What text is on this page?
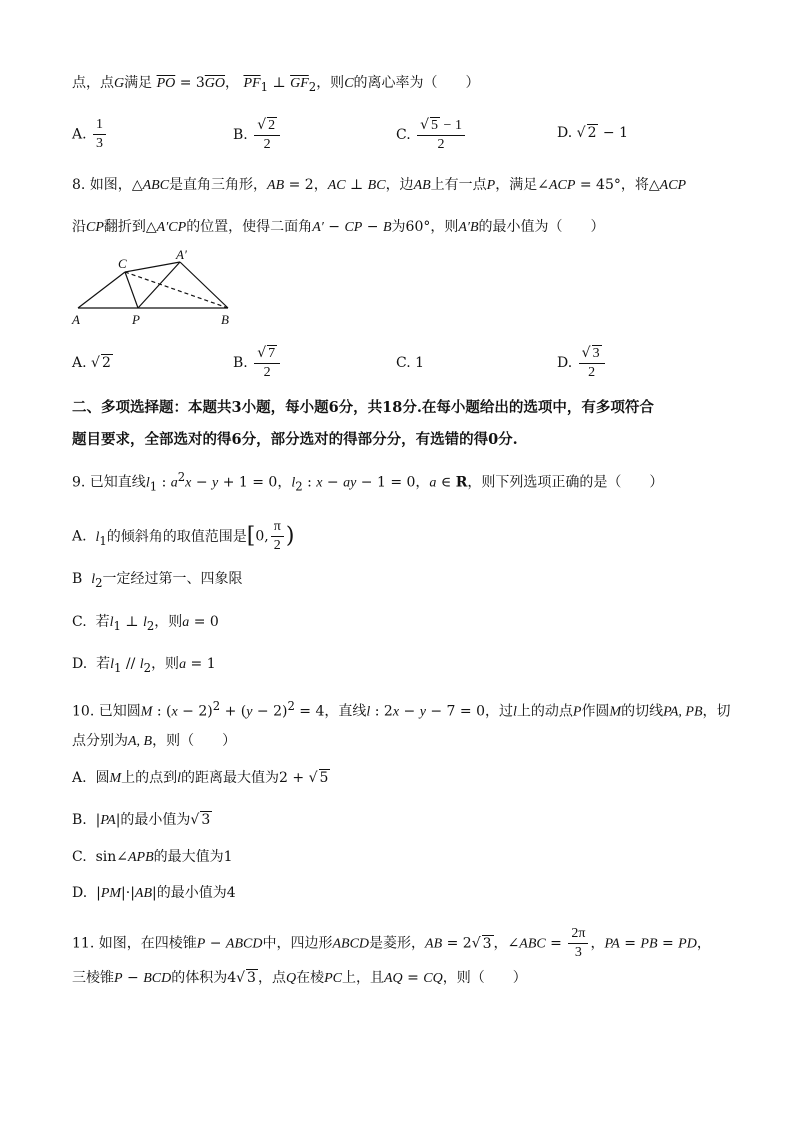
点，点G满足 $\overline{PO} = 3\overline{GO}$， $\overline{PF}_1$ ⊥ $\overline{GF}_2$，则C的离心率为（　　）
A. $\frac{1}{3}$	B. $\frac{√ 2}{2}$	C. $\frac{√ 5 - 1}{2}$	D. √ 2 − 1
8. 如图，△ABC是直角三角形，AB = 2，AC ⊥ BC，边AB上有一点P，满足∠ACP = 45°，将△ACP
沿CP翻折到△A′CP的位置，使得二面角A′ − CP − B为60°，则A′B的最小值为（　　）
A	P	B
C
A′
A. √ 2	B. $\frac{√ 7}{2}$	C. 1	D. $\frac{√ 3}{2}$
二、多项选择题：本题共3小题，每小题6分，共18分.在每小题给出的选项中，有多项符合
题目要求，全部选对的得6分，部分选对的得部分分，有选错的得0分.
9. 已知直线$l_1$ : $a^2x - y + 1 = 0$，$l_2$ : x − ay − 1 = 0，a ∈ R，则下列选项正确的是（　　）
A. $l_1$的倾斜角的取值范围是[0, $\frac{\pi}{2}$ )
B $l_2$一定经过第一、四象限
C.  若$l_1$ ⊥ $l_2$，则a = 0
D.  若$l_1 // l_2$，则a = 1
10. 已知圆M : $(x - 2)^2 + (y - 2)^2 = 4$，直线l : 2x − y − 7 = 0，过l上的动点P作圆M的切线PA, PB，切
点分别为A, B，则（　　）
A.  圆M上的点到l的距离最大值为2 + √ 5
B.  |PA|的最小值为√ 3
C.  sin∠APB的最大值为1
D.  |PM|·|AB|的最小值为4
11. 如图，在四棱锥P − ABCD中，四边形ABCD是菱形，AB = 2√ 3 ，∠ABC = $\frac{2\pi}{3}$ ，PA = PB = PD，
三棱锥P − BCD的体积为4√ 3 ，点Q在棱PC上，且AQ = CQ，则（　　）
